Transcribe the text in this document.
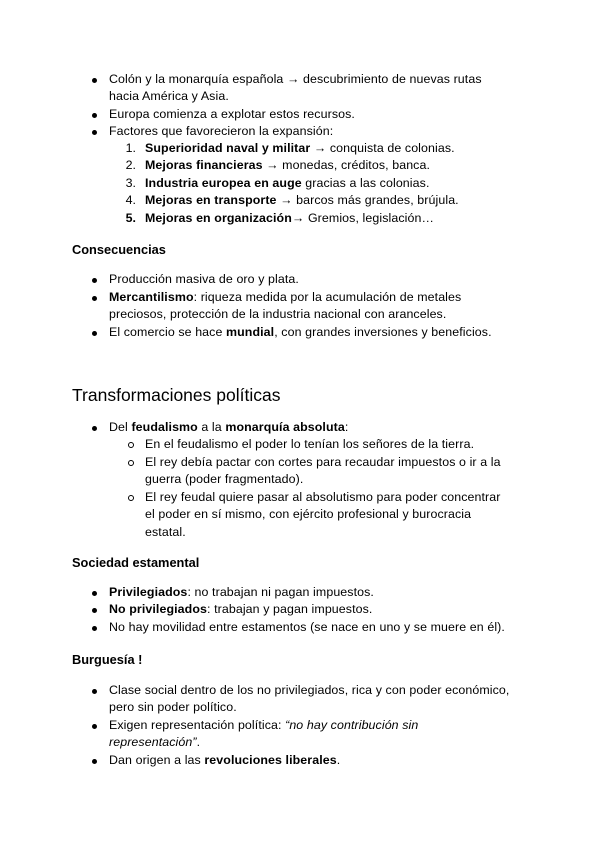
Colón y la monarquía española → descubrimiento de nuevas rutas
hacia América y Asia.
Europa comienza a explotar estos recursos.
Factores que favorecieron la expansión:
1. Superioridad naval y militar → conquista de colonias.
2. Mejoras financieras → monedas, créditos, banca.
3. Industria europea en auge gracias a las colonias.
4. Mejoras en transporte → barcos más grandes, brújula.
5. Mejoras en organización→ Gremios, legislación…
Consecuencias
Producción masiva de oro y plata.
Mercantilismo: riqueza medida por la acumulación de metales
preciosos, protección de la industria nacional con aranceles.
El comercio se hace mundial, con grandes inversiones y beneficios.
Transformaciones políticas
Del feudalismo a la monarquía absoluta:
En el feudalismo el poder lo tenían los señores de la tierra.
El rey debía pactar con cortes para recaudar impuestos o ir a la
guerra (poder fragmentado).
El rey feudal quiere pasar al absolutismo para poder concentrar
el poder en sí mismo, con ejército profesional y burocracia
estatal.
Sociedad estamental
Privilegiados: no trabajan ni pagan impuestos.
No privilegiados: trabajan y pagan impuestos.
No hay movilidad entre estamentos (se nace en uno y se muere en él).
Burguesía !
Clase social dentro de los no privilegiados, rica y con poder económico,
pero sin poder político.
Exigen representación política: “no hay contribución sin
representación”.
Dan origen a las revoluciones liberales.
